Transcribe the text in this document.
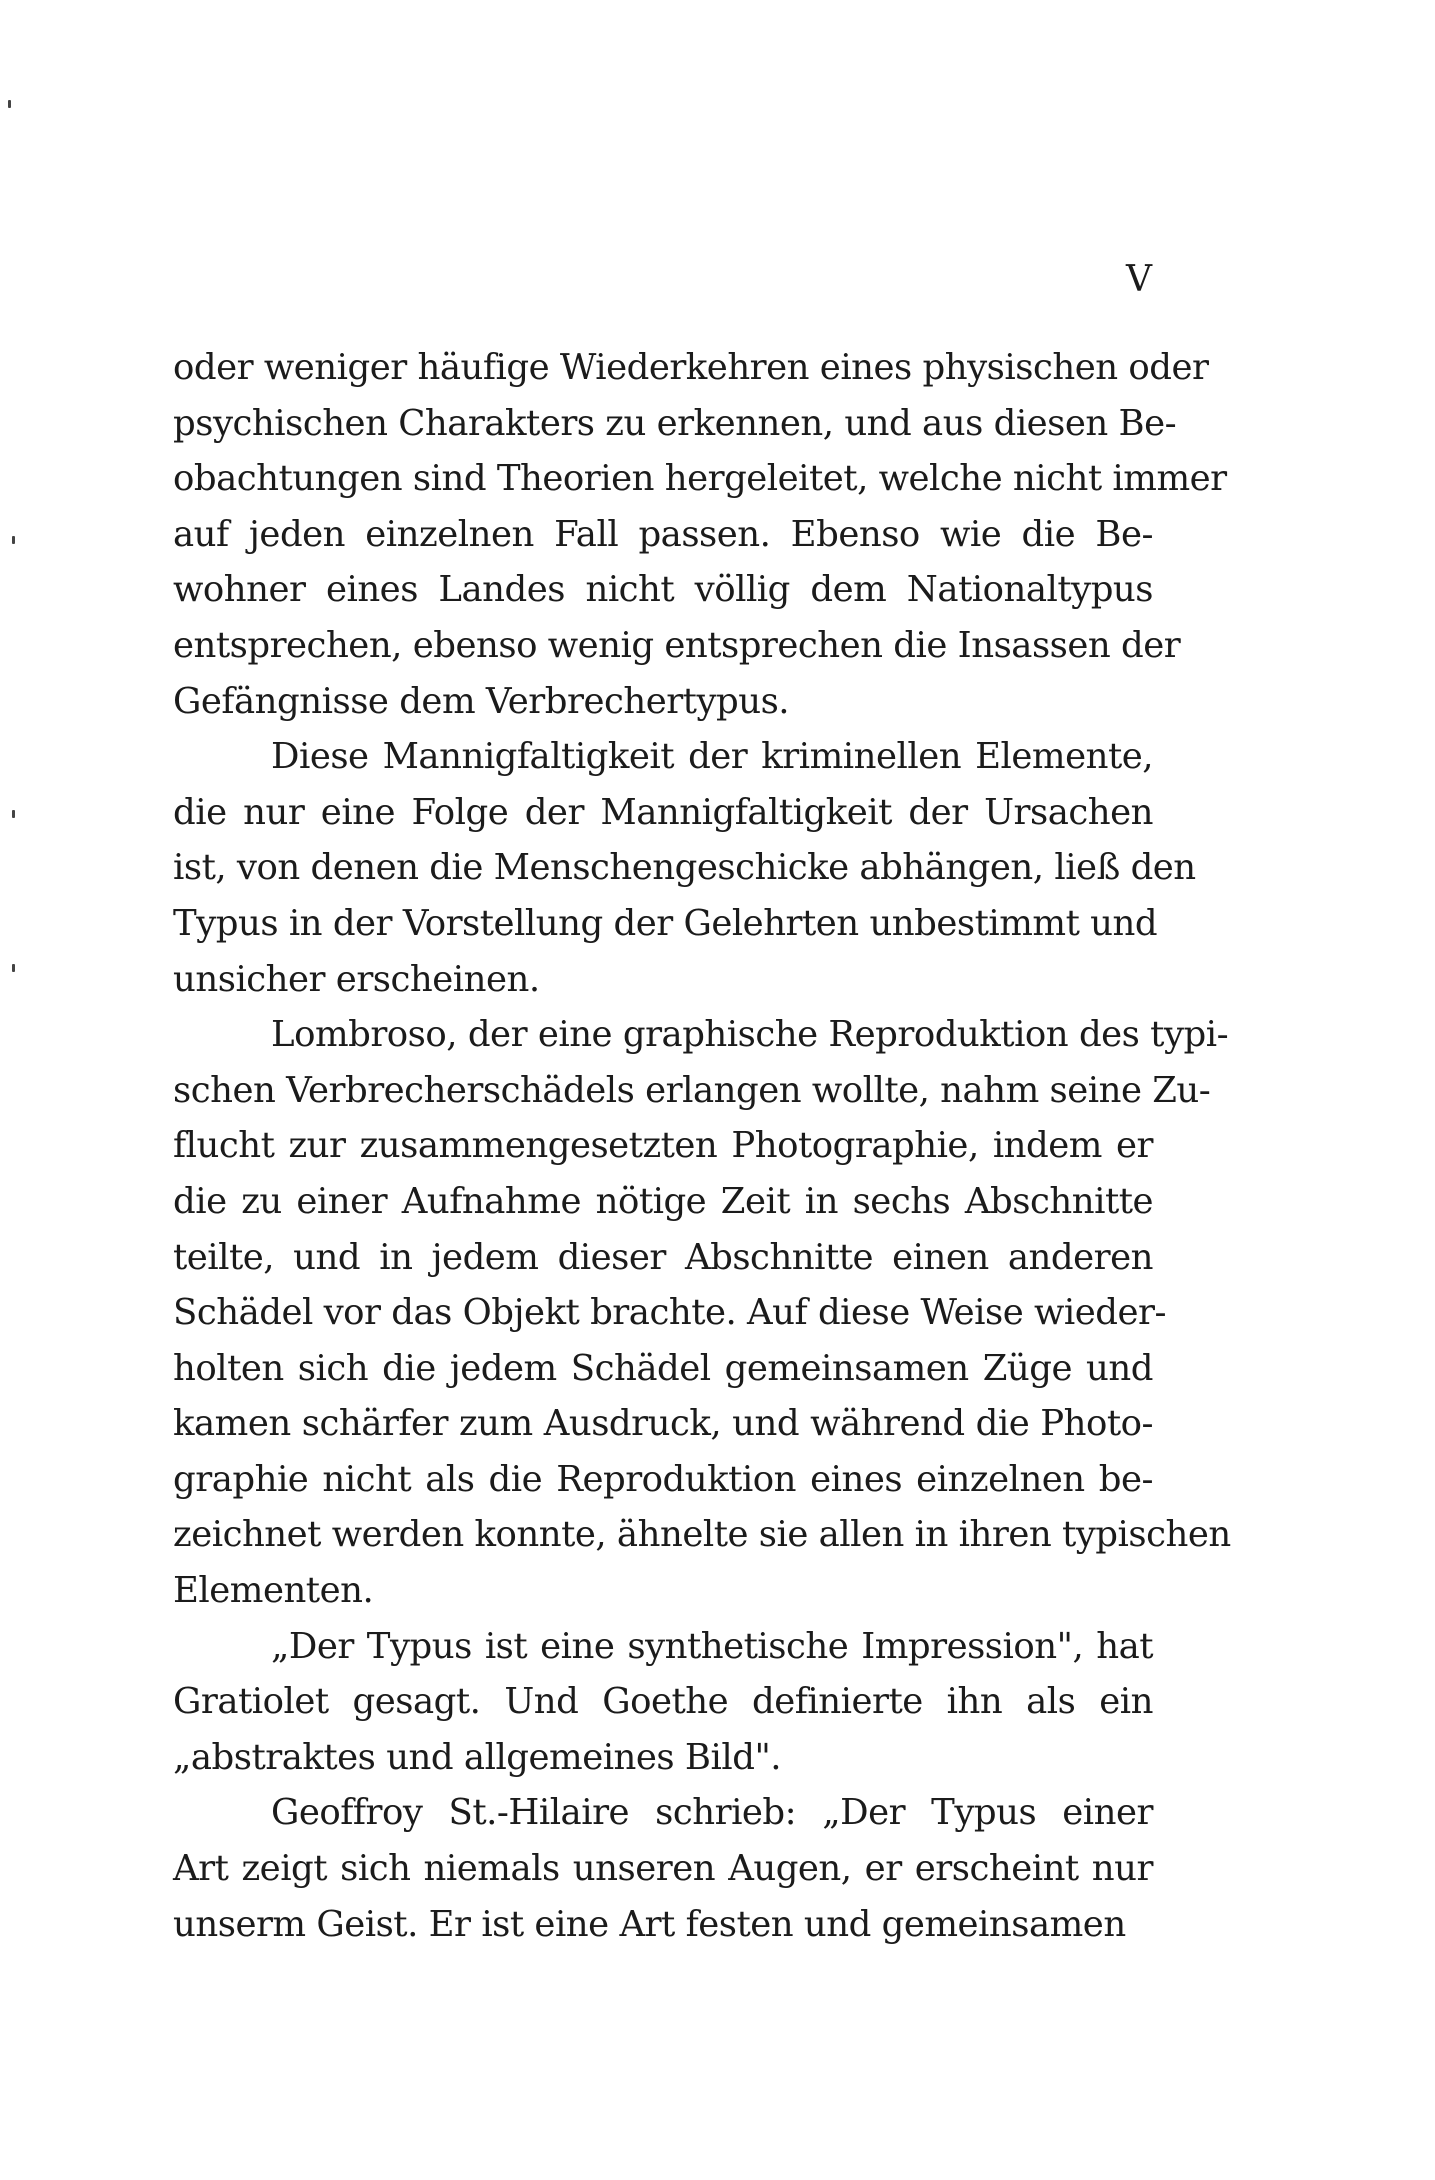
V
oder weniger häufige Wiederkehren eines physischen oder
psychischen Charakters zu erkennen, und aus diesen Be-
obachtungen sind Theorien hergeleitet, welche nicht immer
auf jeden einzelnen Fall passen. Ebenso wie die Be-
wohner eines Landes nicht völlig dem Nationaltypus
entsprechen, ebenso wenig entsprechen die Insassen der
Gefängnisse dem Verbrechertypus.
Diese Mannigfaltigkeit der kriminellen Elemente,
die nur eine Folge der Mannigfaltigkeit der Ursachen
ist, von denen die Menschengeschicke abhängen, ließ den
Typus in der Vorstellung der Gelehrten unbestimmt und
unsicher erscheinen.
Lombroso, der eine graphische Reproduktion des typi-
schen Verbrecherschädels erlangen wollte, nahm seine Zu-
flucht zur zusammengesetzten Photographie, indem er
die zu einer Aufnahme nötige Zeit in sechs Abschnitte
teilte, und in jedem dieser Abschnitte einen anderen
Schädel vor das Objekt brachte. Auf diese Weise wieder-
holten sich die jedem Schädel gemeinsamen Züge und
kamen schärfer zum Ausdruck, und während die Photo-
graphie nicht als die Reproduktion eines einzelnen be-
zeichnet werden konnte, ähnelte sie allen in ihren typischen
Elementen.
„Der Typus ist eine synthetische Impression", hat
Gratiolet gesagt. Und Goethe definierte ihn als ein
„abstraktes und allgemeines Bild".
Geoffroy St.-Hilaire schrieb: „Der Typus einer
Art zeigt sich niemals unseren Augen, er erscheint nur
unserm Geist. Er ist eine Art festen und gemeinsamen
